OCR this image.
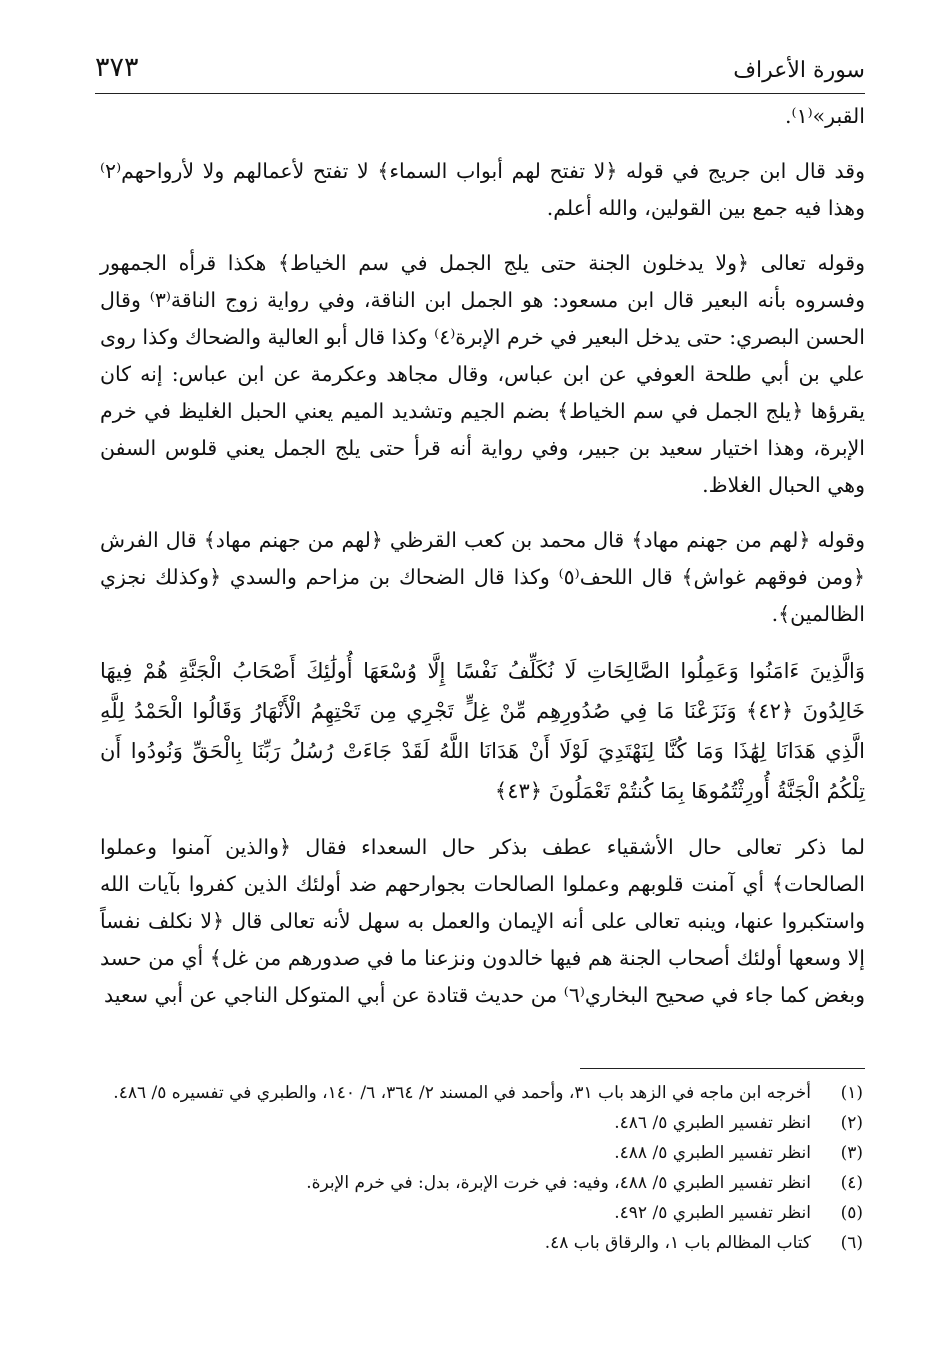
سورة الأعراف
٣٧٣

القبر»⁽١⁾.

وقد قال ابن جريج في قوله ﴿لا تفتح لهم أبواب السماء﴾ لا تفتح لأعمالهم ولا لأرواحهم⁽٢⁾ وهذا فيه جمع بين القولين، والله أعلم.

وقوله تعالى ﴿ولا يدخلون الجنة حتى يلج الجمل في سم الخياط﴾ هكذا قرأه الجمهور وفسروه بأنه البعير قال ابن مسعود: هو الجمل ابن الناقة، وفي رواية زوج الناقة⁽٣⁾ وقال الحسن البصري: حتى يدخل البعير في خرم الإبرة⁽٤⁾ وكذا قال أبو العالية والضحاك وكذا روى علي بن أبي طلحة العوفي عن ابن عباس، وقال مجاهد وعكرمة عن ابن عباس: إنه كان يقرؤها ﴿يلج الجمل في سم الخياط﴾ بضم الجيم وتشديد الميم يعني الحبل الغليظ في خرم الإبرة، وهذا اختيار سعيد بن جبير، وفي رواية أنه قرأ حتى يلج الجمل يعني قلوس السفن وهي الحبال الغلاظ.

وقوله ﴿لهم من جهنم مهاد﴾ قال محمد بن كعب القرظي ﴿لهم من جهنم مهاد﴾ قال الفرش ﴿ومن فوقهم غواش﴾ قال اللحف⁽٥⁾ وكذا قال الضحاك بن مزاحم والسدي ﴿وكذلك نجزي الظالمين﴾.

وَالَّذِينَ ءَامَنُوا وَعَمِلُوا الصَّالِحَاتِ لَا نُكَلِّفُ نَفْسًا إِلَّا وُسْعَهَا أُولَٰئِكَ أَصْحَابُ الْجَنَّةِ هُمْ فِيهَا خَالِدُونَ ﴿٤٢﴾ وَنَزَعْنَا مَا فِي صُدُورِهِم مِّنْ غِلٍّ تَجْرِي مِن تَحْتِهِمُ الْأَنْهَارُ وَقَالُوا الْحَمْدُ لِلَّهِ الَّذِي هَدَانَا لِهَٰذَا وَمَا كُنَّا لِنَهْتَدِيَ لَوْلَا أَنْ هَدَانَا اللَّهُ لَقَدْ جَاءَتْ رُسُلُ رَبِّنَا بِالْحَقِّ وَنُودُوا أَن تِلْكُمُ الْجَنَّةُ أُورِثْتُمُوهَا بِمَا كُنتُمْ تَعْمَلُونَ ﴿٤٣﴾

لما ذكر تعالى حال الأشقياء عطف بذكر حال السعداء فقال ﴿والذين آمنوا وعملوا الصالحات﴾ أي آمنت قلوبهم وعملوا الصالحات بجوارحهم ضد أولئك الذين كفروا بآيات الله واستكبروا عنها، وينبه تعالى على أنه الإيمان والعمل به سهل لأنه تعالى قال ﴿لا نكلف نفساً إلا وسعها أولئك أصحاب الجنة هم فيها خالدون ونزعنا ما في صدورهم من غل﴾ أي من حسد وبغض كما جاء في صحيح البخاري⁽٦⁾ من حديث قتادة عن أبي المتوكل الناجي عن أبي سعيد

(١)
أخرجه ابن ماجه في الزهد باب ٣١، وأحمد في المسند ٢/ ٣٦٤، ٦/ ١٤٠، والطبري في تفسيره ٥/ ٤٨٦.
(٢)
انظر تفسير الطبري ٥/ ٤٨٦.
(٣)
انظر تفسير الطبري ٥/ ٤٨٨.
(٤)
انظر تفسير الطبري ٥/ ٤٨٨، وفيه: في خرت الإبرة، بدل: في خرم الإبرة.
(٥)
انظر تفسير الطبري ٥/ ٤٩٢.
(٦)
كتاب المظالم باب ١، والرقاق باب ٤٨.
